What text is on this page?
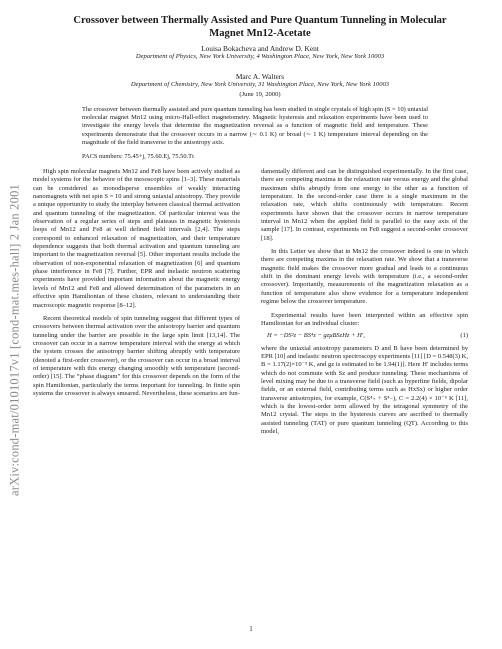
arXiv:cond-mat/0101017v1 [cond-mat.mes-hall] 2 Jan 2001
Crossover between Thermally Assisted and Pure Quantum Tunneling in Molecular
Magnet Mn12-Acetate
Louisa Bokacheva and Andrew D. Kent
Department of Physics, New York University, 4 Washington Place, New York, New York 10003
Marc A. Walters
Department of Chemistry, New York University, 31 Washington Place, New York, New York 10003
(June 19, 2000)
The crossover between thermally assisted and pure quantum tunneling has been studied in single crystals of high spin (S = 10) uniaxial molecular magnet Mn12 using micro-Hall-effect magnetometry. Magnetic hysteresis and relaxation experiments have been used to investigate the energy levels that determine the magnetization reversal as a function of magnetic field and temperature. These experiments demonstrate that the crossover occurs in a narrow (∼ 0.1 K) or broad (∼ 1 K) temperature interval depending on the magnitude of the field transverse to the anisotropy axis.
PACS numbers: 75.45+j, 75.60.Ej, 75.50.Tt

High spin molecular magnets Mn12 and Fe8 have been actively studied as model systems for the behavior of the mesoscopic spins [1–3]. These materials can be considered as monodisperse ensembles of weakly interacting nanomagnets with net spin S = 10 and strong uniaxial anisotropy. They provide a unique opportunity to study the interplay between classical thermal activation and quantum tunneling of the magnetization. Of particular interest was the observation of a regular series of steps and plateaus in magnetic hysteresis loops of Mn12 and Fe8 at well defined field intervals [2,4]. The steps correspond to enhanced relaxation of magnetization, and their temperature dependence suggests that both thermal activation and quantum tunneling are important to the magnetization reversal [5]. Other important results include the observation of non-exponential relaxation of magnetization [6] and quantum phase interference in Fe8 [7]. Further, EPR and inelastic neutron scattering experiments have provided important information about the magnetic energy levels of Mn12 and Fe8 and allowed determination of the parameters in an effective spin Hamiltonian of these clusters, relevant to understanding their macroscopic magnetic response [8–12].

Recent theoretical models of spin tunneling suggest that different types of crossovers between thermal activation over the anisotropy barrier and quantum tunneling under the barrier are possible in the large spin limit [13,14]. The crossover can occur in a narrow temperature interval with the energy at which the system crosses the anisotropy barrier shifting abruptly with temperature (denoted a first-order crossover), or the crossover can occur in a broad interval of temperature with this energy changing smoothly with temperature (second-order) [15]. The “phase diagram” for this crossover depends on the form of the spin Hamiltonian, particularly the terms important for tunneling. In finite spin systems the crossover is always smeared. Nevertheless, these scenarios are fun-

damentally different and can be distinguished experimentally. In the first case, there are competing maxima in the relaxation rate versus energy and the global maximum shifts abruptly from one energy to the other as a function of temperature. In the second-order case there is a single maximum in the relaxation rate, which shifts continuously with temperature. Recent experiments have shown that the crossover occurs in narrow temperature interval in Mn12 when the applied field is parallel to the easy axis of the sample [17]. In contrast, experiments on Fe8 suggest a second-order crossover [18].

In this Letter we show that in Mn12 the crossover indeed is one in which there are competing maxima in the relaxation rate. We show that a transverse magnetic field makes the crossover more gradual and leads to a continuous shift in the dominant energy levels with temperature (i.e., a second-order crossover). Importantly, measurements of the magnetization relaxation as a function of temperature also show evidence for a temperature independent regime below the crossover temperature.

Experimental results have been interpreted within an effective spin Hamiltonian for an individual cluster:

H = −DS²z − BS⁴z − gzμBSzHz + H′,	(1)

where the uniaxial anisotropy parameters D and B have been determined by EPR [10] and inelastic neutron spectroscopy experiments [11] [D = 0.548(3) K, B = 1.17(2)×10⁻³ K, and gz is estimated to be 1.94(1)]. Here H′ includes terms which do not commute with Sz and produce tunneling. These mechanisms of level mixing may be due to a transverse field (such as hyperfine fields, dipolar fields, or an external field, contributing terms such as HxSx) or higher order transverse anisotropies, for example, C(S⁴₊ + S⁴₋), C = 2.2(4) × 10⁻⁵ K [11], which is the lowest-order term allowed by the tetragonal symmetry of the Mn12 crystal. The steps in the hysteresis curves are ascribed to thermally assisted tunneling (TAT) or pure quantum tunneling (QT). According to this model,

1
